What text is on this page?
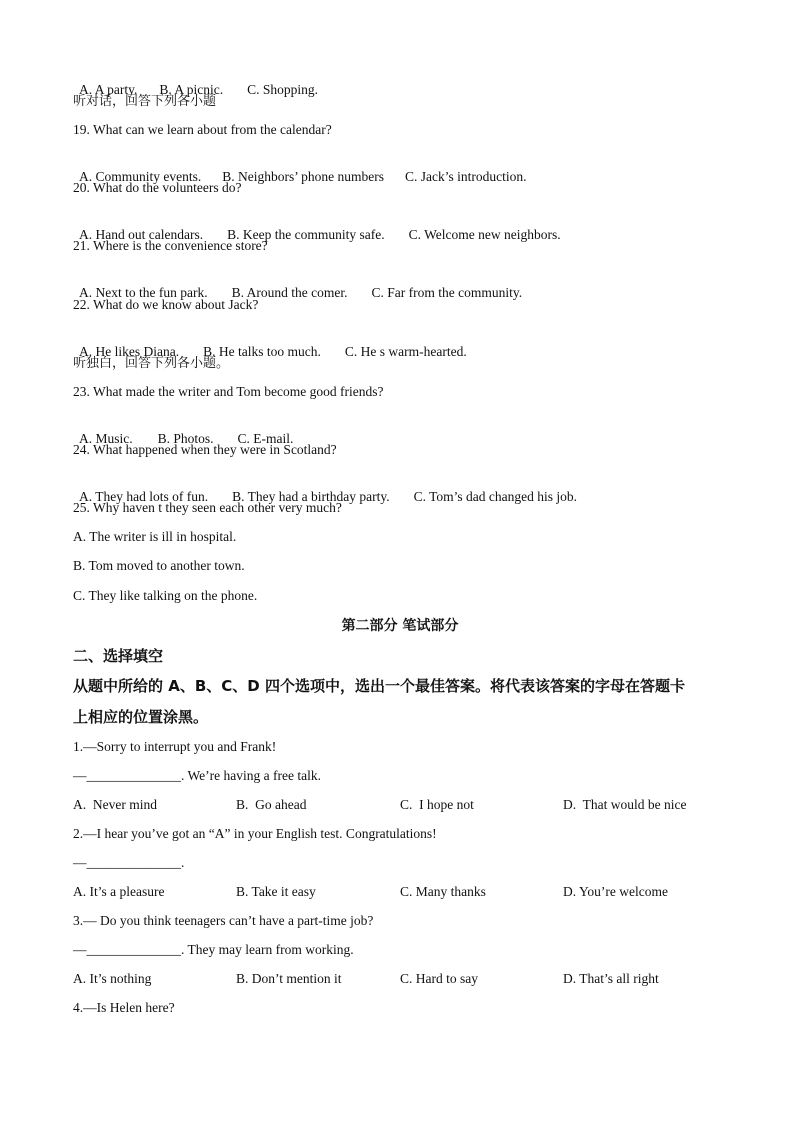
A. A party. B. A picnic. C. Shopping.

听对话，回答下列各小题
19. What can we learn about from the calendar?

A. Community events. B. Neighbors’ phone numbers C. Jack’s introduction.

20. What do the volunteers do?

A. Hand out calendars. B. Keep the community safe. C. Welcome new neighbors.

21. Where is the convenience store?

A. Next to the fun park. B. Around the comer. C. Far from the community.

22. What do we know about Jack?

A. He likes Diana. B. He talks too much. C. He s warm-hearted.

听独白，回答下列各小题。
23. What made the writer and Tom become good friends?

A. Music. B. Photos. C. E-mail.

24. What happened when they were in Scotland?

A. They had lots of fun. B. They had a birthday party. C. Tom’s dad changed his job.

25. Why haven t they seen each other very much?
A. The writer is ill in hospital.
B. Tom moved to another town.
C. They like talking on the phone.
第二部分 笔试部分
二、选择填空
从题中所给的 A、B、C、D 四个选项中，选出一个最佳答案。将代表该答案的字母在答题卡
上相应的位置涂黑。
1.—Sorry to interrupt you and Frank!
—______________. We’re having a free talk.
A.  Never mind	B.  Go ahead	C.  I hope not	D.  That would be nice
2.—I hear you’ve got an “A” in your English test. Congratulations!
—______________.
A. It’s a pleasure	B. Take it easy	C. Many thanks	D. You’re welcome
3.— Do you think teenagers can’t have a part-time job?
—______________. They may learn from working.
A. It’s nothing	B. Don’t mention it	C. Hard to say	D. That’s all right
4.—Is Helen here?
